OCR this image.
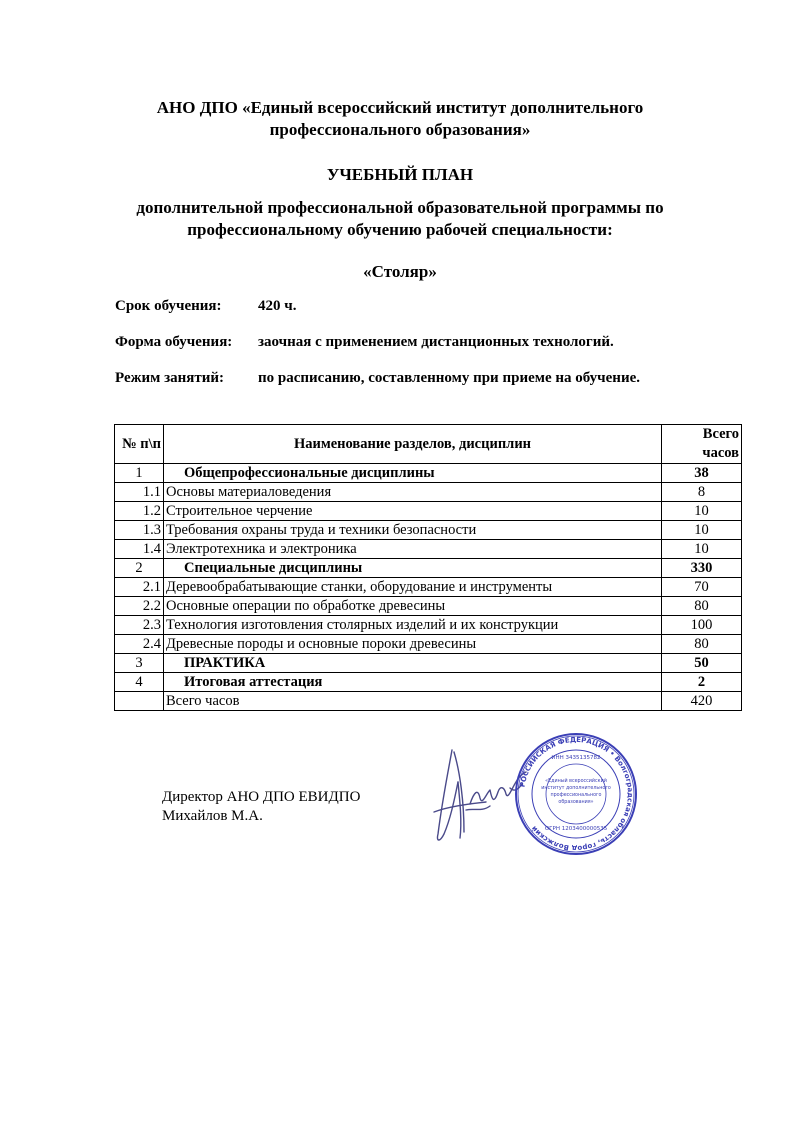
АНО ДПО «Единый всероссийский институт дополнительного
профессионального образования»
УЧЕБНЫЙ ПЛАН
дополнительной профессиональной образовательной программы по
профессиональному обучению рабочей специальности:
«Столяр»
Срок обучения: 420 ч.
Форма обучения: заочная с применением дистанционных технологий.
Режим занятий: по расписанию, составленному при приеме на обучение.
№ п\п	Наименование разделов, дисциплин	Всего часов
1	Общепрофессиональные дисциплины	38
1.1	Основы материаловедения	8
1.2	Строительное черчение	10
1.3	Требования охраны труда и техники безопасности	10
1.4	Электротехника и электроника	10
2	Специальные дисциплины	330
2.1	Деревообрабатывающие станки, оборудование и инструменты	70
2.2	Основные операции по обработке древесины	80
2.3	Технология изготовления столярных изделий и их конструкции	100
2.4	Древесные породы и основные пороки древесины	80
3	ПРАКТИКА	50
4	Итоговая аттестация	2
	Всего часов	420
Директор АНО ДПО ЕВИДПО
Михайлов М.А.
РОССИЙСКАЯ ФЕДЕРАЦИЯ • Волгоградская область, город Волжский
ИНН 3435135782
«Единый всероссийский
институт дополнительного
профессионального
образования»
ОГРН 1203400000535
